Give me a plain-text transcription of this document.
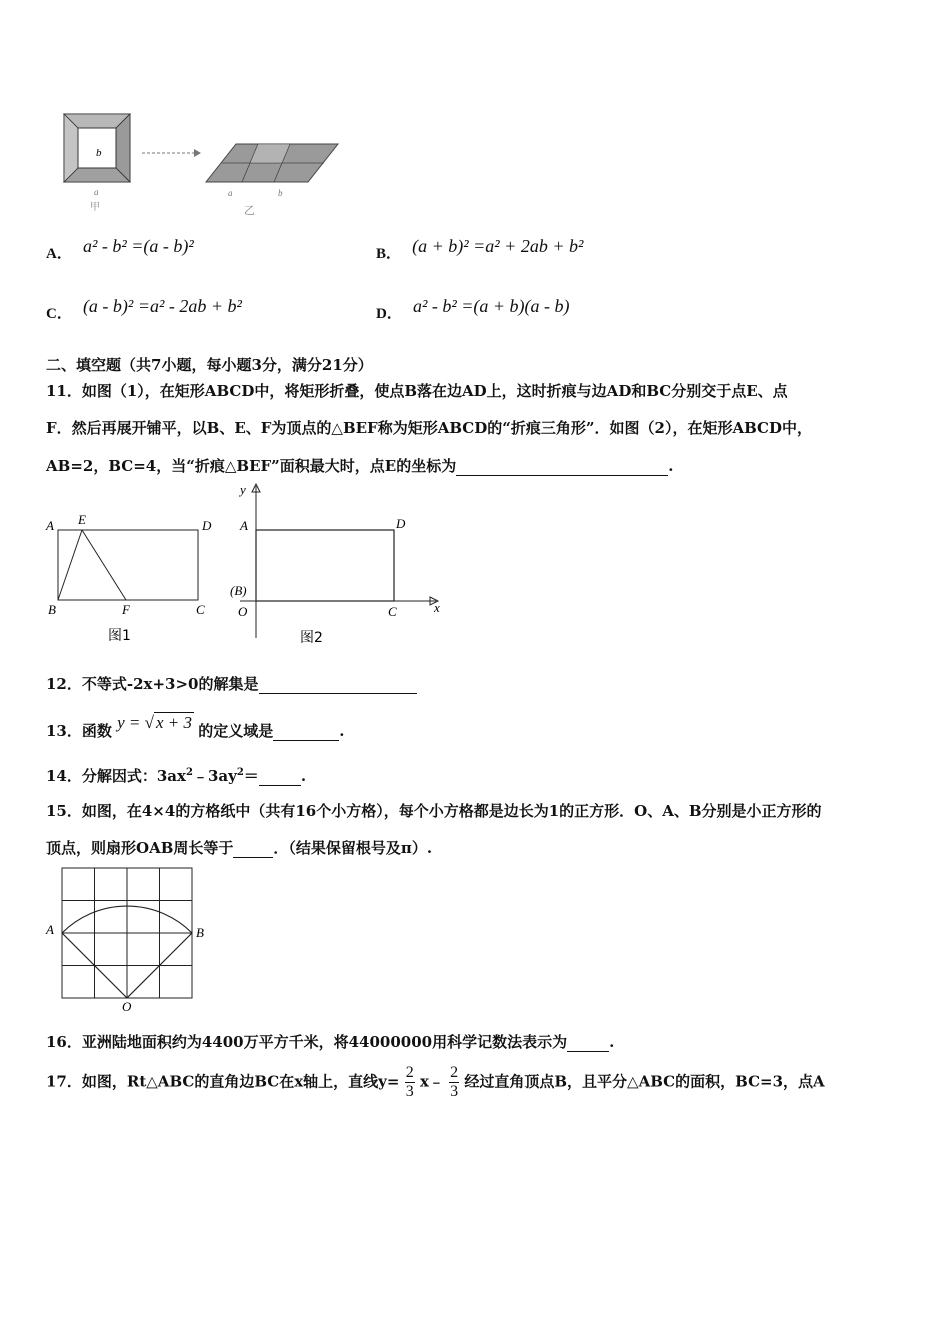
b
a
甲
a	b
乙
A． a² - b² =(a - b)²	B． (a + b)² =a² + 2ab + b²
C． (a - b)² =a² - 2ab + b²	D． a² - b² =(a + b)(a - b)
二、填空题（共7小题，每小题3分，满分21分）
11．如图（1），在矩形ABCD中，将矩形折叠，使点B落在边AD上，这时折痕与边AD和BC分别交于点E、点
F．然后再展开铺平，以B、E、F为顶点的△BEF称为矩形ABCD的“折痕三角形”．如图（2），在矩形ABCD中，
AB=2，BC=4，当“折痕△BEF”面积最大时，点E的坐标为	.
A E	D
B	F	C
图1
y
A	D
(B)
O	C	x
图2
12．不等式-2x+3>0的解集是
13．函数 y = √ x + 3 的定义域是	.
14．分解因式：$3ax^2﹣3ay^2=$	.
15．如图，在4×4的方格纸中（共有16个小方格），每个小方格都是边长为1的正方形．O、A、B分别是小正方形的
顶点，则扇形OAB周长等于	．（结果保留根号及π）.
A	B
O
16．亚洲陆地面积约为4400万平方千米，将44000000用科学记数法表示为	.
17．如图，Rt△ABC的直角边BC在x轴上，直线$y= \frac{2}{3}$ x﹣ $\frac{2}{3}$ 经过直角顶点B，且平分△ABC的面积，BC=3，点A
